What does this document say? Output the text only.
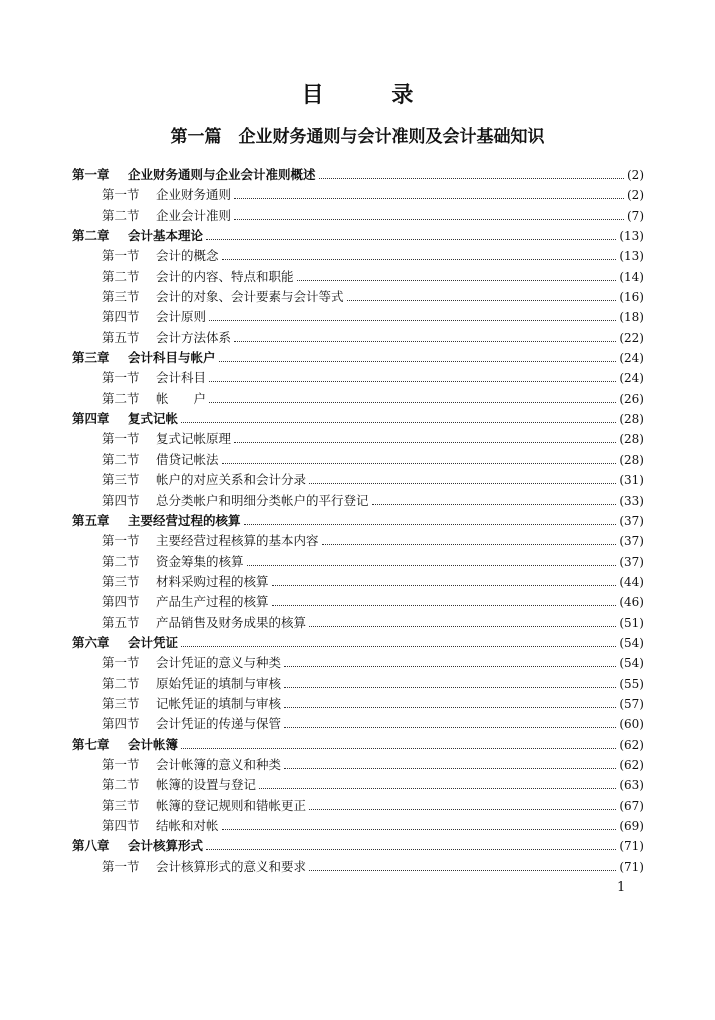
目 录
第一篇　企业财务通则与会计准则及会计基础知识
第一章	企业财务通则与企业会计准则概述	(2)
第一节	企业财务通则	(2)
第二节	企业会计准则	(7)
第二章	会计基本理论	(13)
第一节	会计的概念	(13)
第二节	会计的内容、特点和职能	(14)
第三节	会计的对象、会计要素与会计等式	(16)
第四节	会计原则	(18)
第五节	会计方法体系	(22)
第三章	会计科目与帐户	(24)
第一节	会计科目	(24)
第二节	帐　　户	(26)
第四章	复式记帐	(28)
第一节	复式记帐原理	(28)
第二节	借贷记帐法	(28)
第三节	帐户的对应关系和会计分录	(31)
第四节	总分类帐户和明细分类帐户的平行登记	(33)
第五章	主要经营过程的核算	(37)
第一节	主要经营过程核算的基本内容	(37)
第二节	资金筹集的核算	(37)
第三节	材料采购过程的核算	(44)
第四节	产品生产过程的核算	(46)
第五节	产品销售及财务成果的核算	(51)
第六章	会计凭证	(54)
第一节	会计凭证的意义与种类	(54)
第二节	原始凭证的填制与审核	(55)
第三节	记帐凭证的填制与审核	(57)
第四节	会计凭证的传递与保管	(60)
第七章	会计帐簿	(62)
第一节	会计帐簿的意义和种类	(62)
第二节	帐簿的设置与登记	(63)
第三节	帐簿的登记规则和错帐更正	(67)
第四节	结帐和对帐	(69)
第八章	会计核算形式	(71)
第一节	会计核算形式的意义和要求	(71)
1
